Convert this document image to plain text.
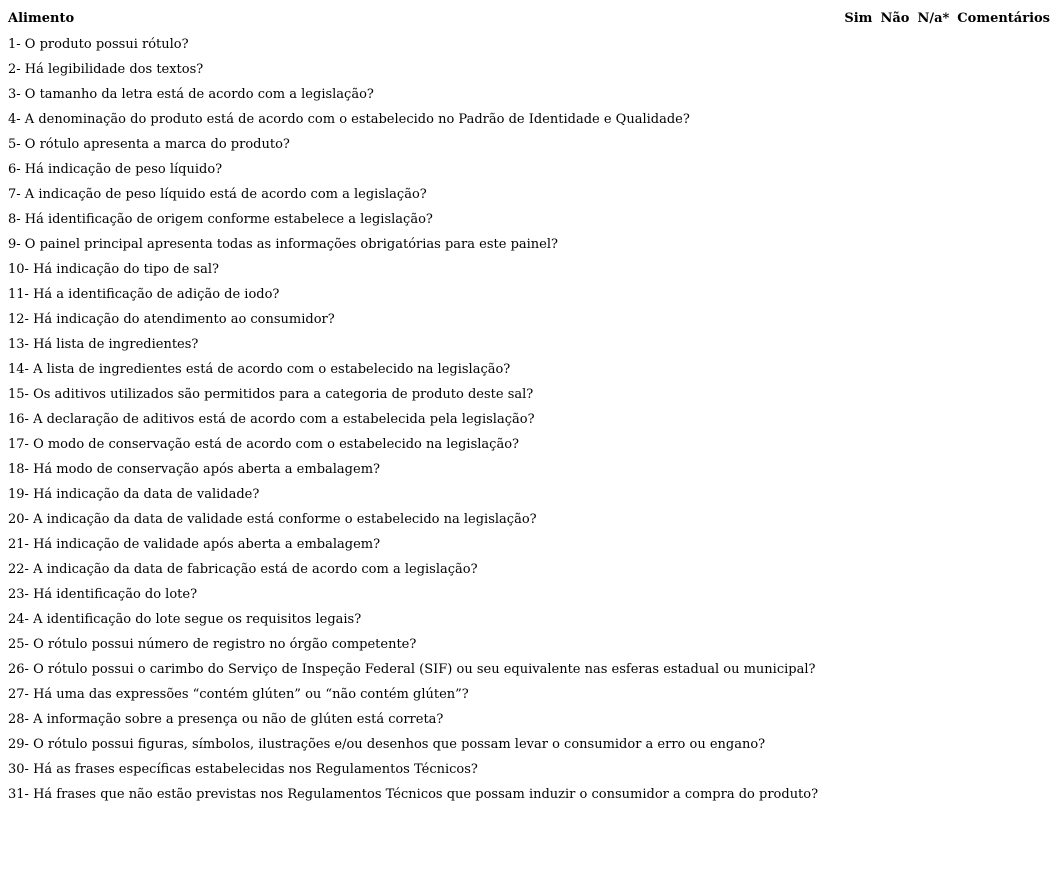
Alimento	Sim Não N/a* Comentários
1- O produto possui rótulo?
2- Há legibilidade dos textos?
3- O tamanho da letra está de acordo com a legislação?
4- A denominação do produto está de acordo com o estabelecido no Padrão de Identidade e Qualidade?
5- O rótulo apresenta a marca do produto?
6- Há indicação de peso líquido?
7- A indicação de peso líquido está de acordo com a legislação?
8- Há identificação de origem conforme estabelece a legislação?
9- O painel principal apresenta todas as informações obrigatórias para este painel?
10- Há indicação do tipo de sal?
11- Há a identificação de adição de iodo?
12- Há indicação do atendimento ao consumidor?
13- Há lista de ingredientes?
14- A lista de ingredientes está de acordo com o estabelecido na legislação?
15- Os aditivos utilizados são permitidos para a categoria de produto deste sal?
16- A declaração de aditivos está de acordo com a estabelecida pela legislação?
17- O modo de conservação está de acordo com o estabelecido na legislação?
18- Há modo de conservação após aberta a embalagem?
19- Há indicação da data de validade?
20- A indicação da data de validade está conforme o estabelecido na legislação?
21- Há indicação de validade após aberta a embalagem?
22- A indicação da data de fabricação está de acordo com a legislação?
23- Há identificação do lote?
24- A identificação do lote segue os requisitos legais?
25- O rótulo possui número de registro no órgão competente?
26- O rótulo possui o carimbo do Serviço de Inspeção Federal (SIF) ou seu equivalente nas esferas estadual ou municipal?
27- Há uma das expressões “contém glúten” ou “não contém glúten”?
28- A informação sobre a presença ou não de glúten está correta?
29- O rótulo possui figuras, símbolos, ilustrações e/ou desenhos que possam levar o consumidor a erro ou engano?
30- Há as frases específicas estabelecidas nos Regulamentos Técnicos?
31- Há frases que não estão previstas nos Regulamentos Técnicos que possam induzir o consumidor a compra do produto?
